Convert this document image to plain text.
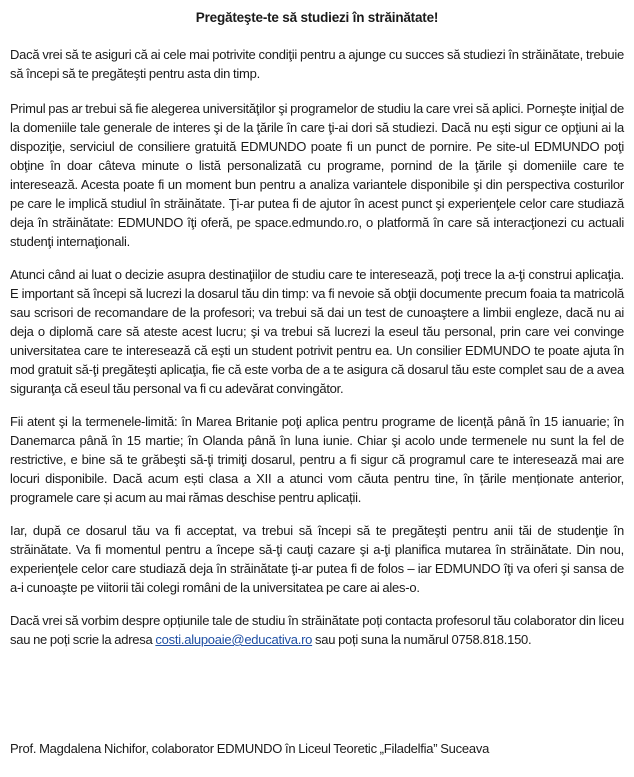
Pregăteşte-te să studiezi în străinătate!

Dacă vrei să te asiguri că ai cele mai potrivite condiţii pentru a ajunge cu succes să studiezi în străinătate, trebuie să începi să te pregăteşti pentru asta din timp.

Primul pas ar trebui să fie alegerea universităţilor şi programelor de studiu la care vrei să aplici. Porneşte iniţial de la domeniile tale generale de interes şi de la ţările în care ţi-ai dori să studiezi. Dacă nu eşti sigur ce opţiuni ai la dispoziţie, serviciul de consiliere gratuită EDMUNDO poate fi un punct de pornire. Pe site-ul EDMUNDO poţi obţine în doar câteva minute o listă personalizată cu programe, pornind de la ţările şi domeniile care te interesează. Acesta poate fi un moment bun pentru a analiza variantele disponibile şi din perspectiva costurilor pe care le implică studiul în străinătate. Ţi-ar putea fi de ajutor în acest punct şi experienţele celor care studiază deja în străinătate: EDMUNDO îţi oferă, pe space.edmundo.ro, o platformă în care să interacţionezi cu actuali studenţi internaţionali.

Atunci când ai luat o decizie asupra destinaţiilor de studiu care te interesează, poţi trece la a-ţi construi aplicaţia. E important să începi să lucrezi la dosarul tău din timp: va fi nevoie să obţii documente precum foaia ta matricolă sau scrisori de recomandare de la profesori; va trebui să dai un test de cunoaştere a limbii engleze, dacă nu ai deja o diplomă care să ateste acest lucru; şi va trebui să lucrezi la eseul tău personal, prin care vei convinge universitatea care te interesează că eşti un student potrivit pentru ea. Un consilier EDMUNDO te poate ajuta în mod gratuit să-ţi pregăteşti aplicaţia, fie că este vorba de a te asigura că dosarul tău este complet sau de a avea siguranţa că eseul tău personal va fi cu adevărat convingător.

Fii atent şi la termenele-limită: în Marea Britanie poţi aplica pentru programe de licență până în 15 ianuarie; în Danemarca până în 15 martie; în Olanda până în luna iunie. Chiar şi acolo unde termenele nu sunt la fel de restrictive, e bine să te grăbeşti să-ţi trimiţi dosarul, pentru a fi sigur că programul care te interesează mai are locuri disponibile. Dacă acum ești clasa a XII a atunci vom căuta pentru tine, în țările menționate anterior, programele care și acum au mai rămas deschise pentru aplicații.

Iar, după ce dosarul tău va fi acceptat, va trebui să începi să te pregăteşti pentru anii tăi de studenţie în străinătate. Va fi momentul pentru a începe să-ţi cauţi cazare şi a-ţi planifica mutarea în străinătate. Din nou, experienţele celor care studiază deja în străinătate ţi-ar putea fi de folos – iar EDMUNDO îţi va oferi şi sansa de a-i cunoaşte pe viitorii tăi colegi români de la universitatea pe care ai ales-o.

Dacă vrei să vorbim despre opțiunile tale de studiu în străinătate poți contacta profesorul tău colaborator din liceu sau ne poți scrie la adresa costi.alupoaie@educativa.ro sau poți suna la numărul 0758.818.150.

Prof. Magdalena Nichifor, colaborator EDMUNDO în Liceul Teoretic „Filadelfia” Suceava
